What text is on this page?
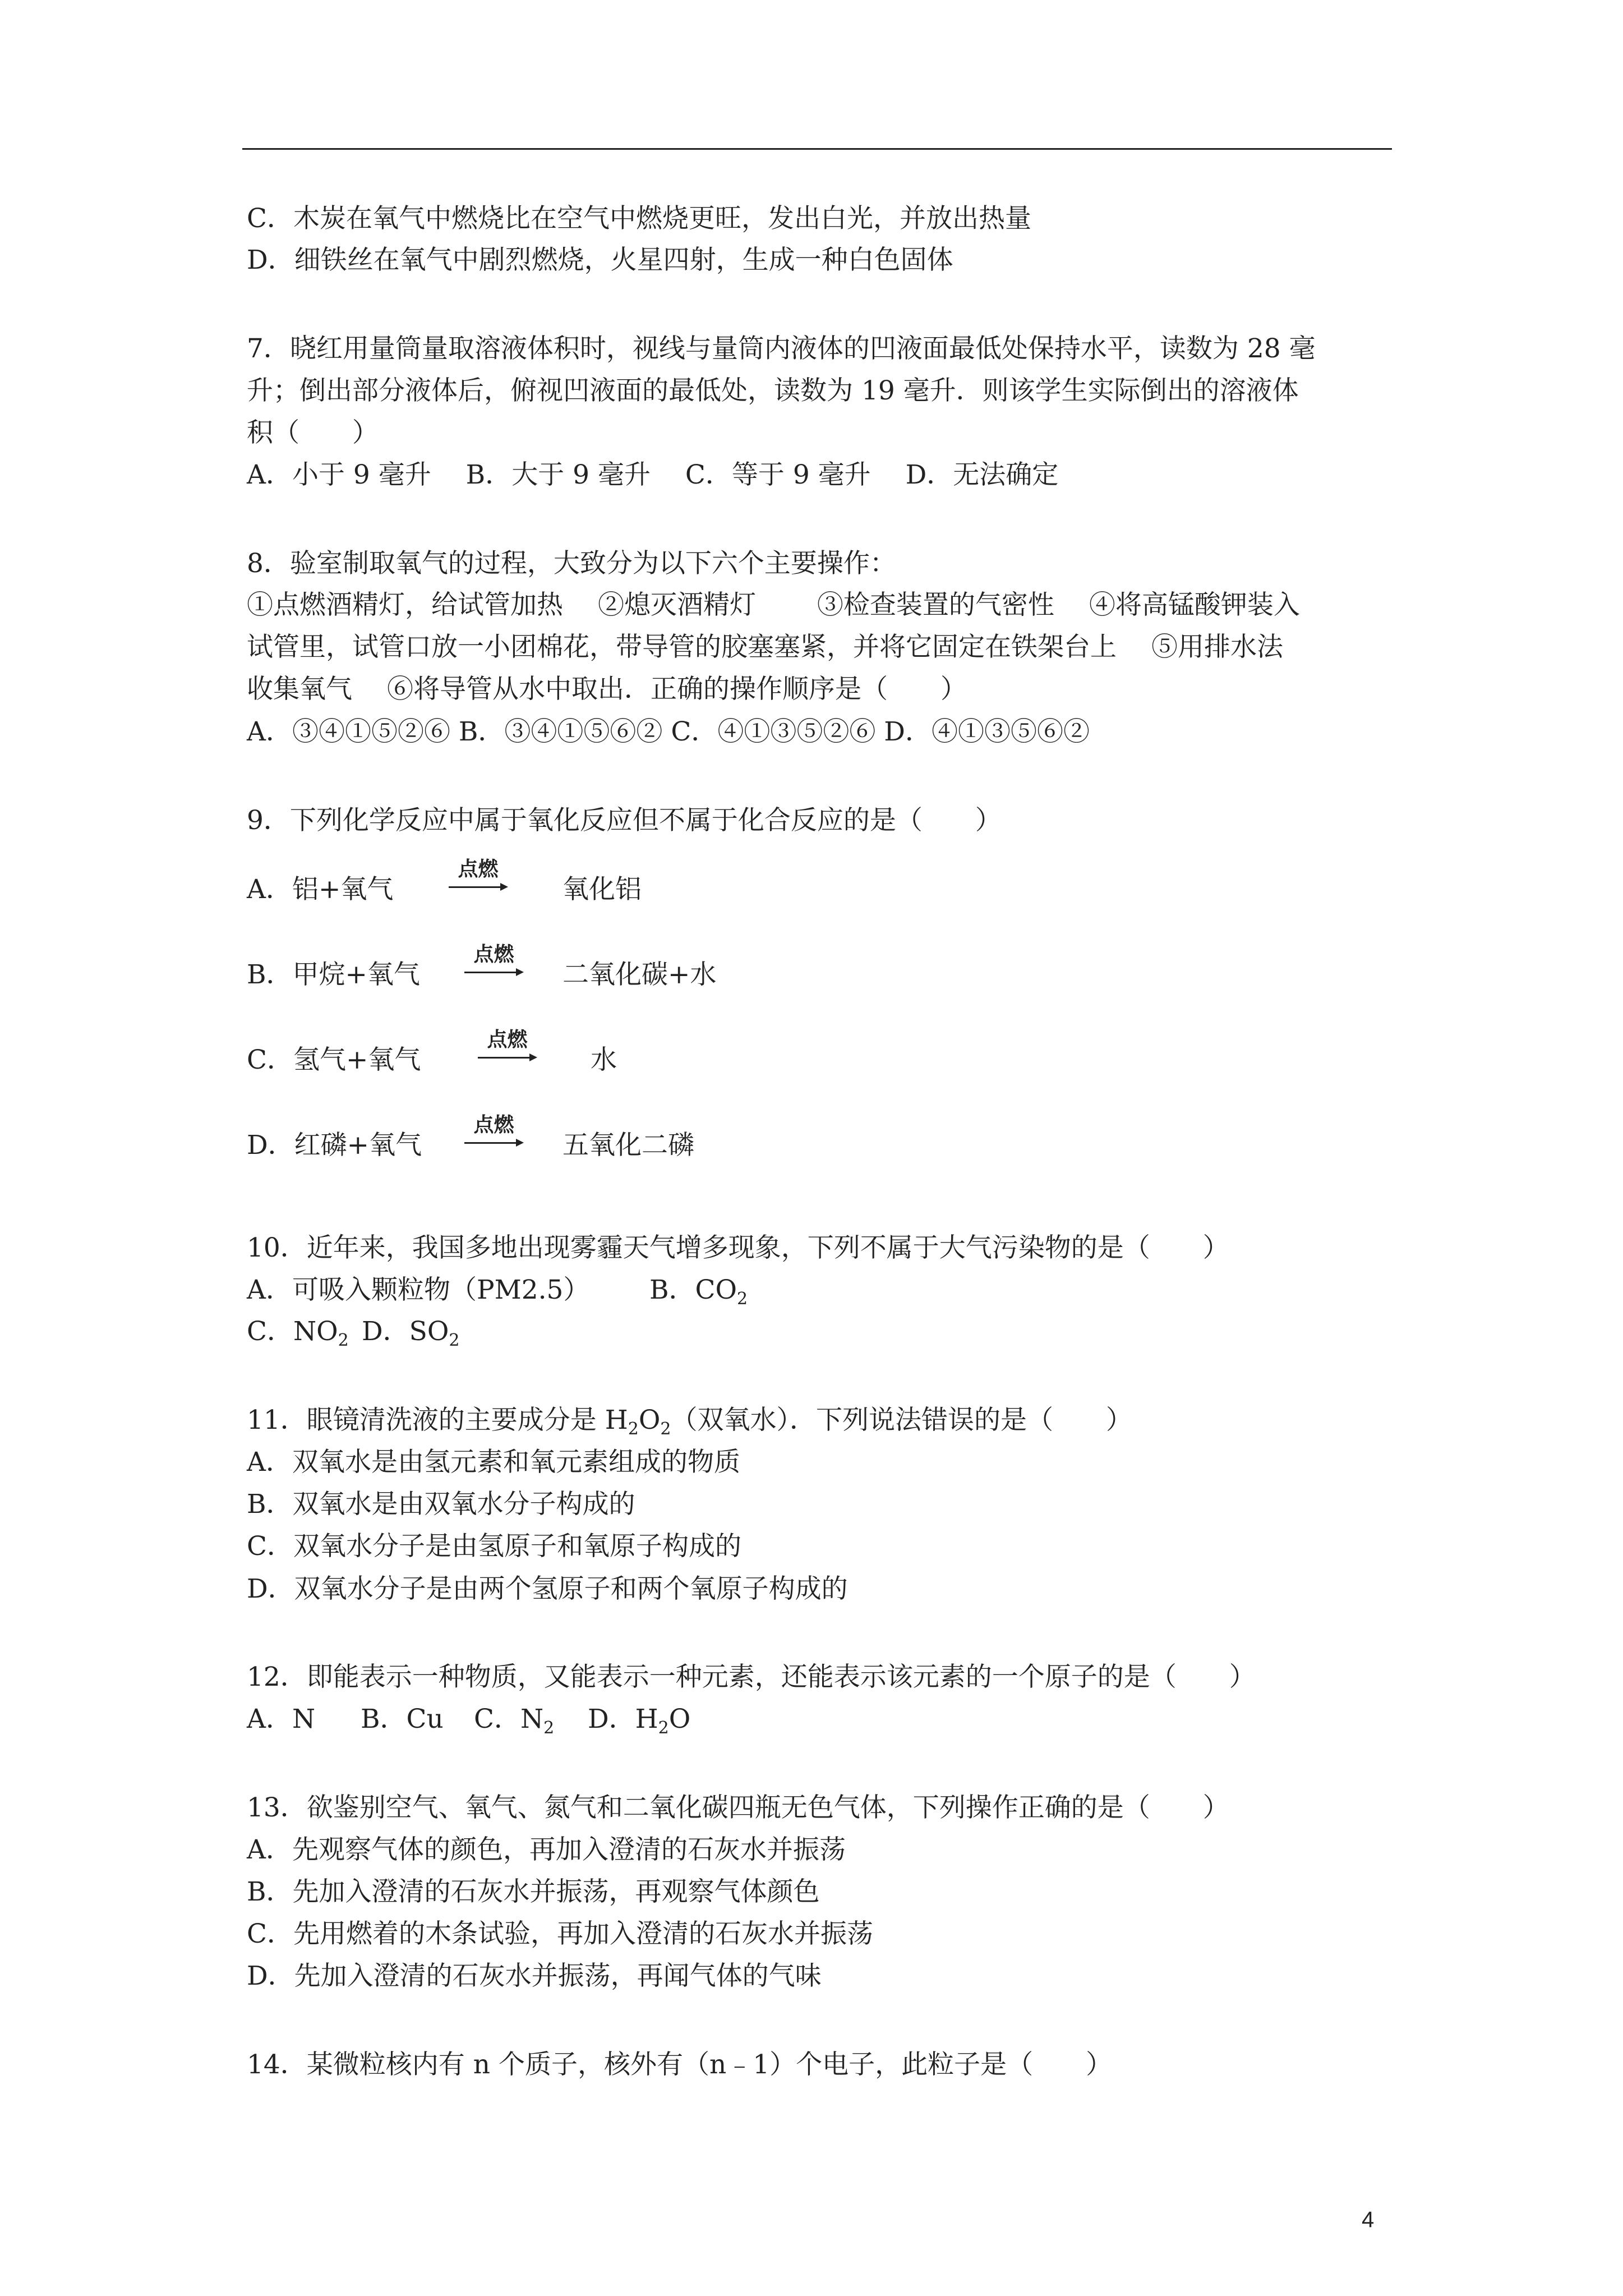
C．木炭在氧气中燃烧比在空气中燃烧更旺，发出白光，并放出热量
D．细铁丝在氧气中剧烈燃烧，火星四射，生成一种白色固体
7．晓红用量筒量取溶液体积时，视线与量筒内液体的凹液面最低处保持水平，读数为 28 毫
升；倒出部分液体后，俯视凹液面的最低处，读数为 19 毫升．则该学生实际倒出的溶液体
积（　　）
A．小于 9 毫升　 B．大于 9 毫升　 C．等于 9 毫升　 D．无法确定
8．验室制取氧气的过程，大致分为以下六个主要操作：
①点燃酒精灯，给试管加热　 ②熄灭酒精灯　　 ③检查装置的气密性　 ④将高锰酸钾装入
试管里，试管口放一小团棉花，带导管的胶塞塞紧，并将它固定在铁架台上　 ⑤用排水法
收集氧气　 ⑥将导管从水中取出．正确的操作顺序是（　　）
A．③④①⑤②⑥ B．③④①⑤⑥② C．④①③⑤②⑥ D．④①③⑤⑥②
9．下列化学反应中属于氧化反应但不属于化合反应的是（　　）
A．铝+氧气
点燃
氧化铝
B．甲烷+氧气
点燃
二氧化碳+水
C．氢气+氧气
点燃
水
D．红磷+氧气
点燃
五氧化二磷
10．近年来，我国多地出现雾霾天气增多现象，下列不属于大气污染物的是（　　）
A．可吸入颗粒物（PM2.5） B．$CO_2$
C．$NO_2$ D．$SO_2$
11．眼镜清洗液的主要成分是 $H_2O_2$（双氧水）．下列说法错误的是（　　）
A．双氧水是由氢元素和氧元素组成的物质
B．双氧水是由双氧水分子构成的
C．双氧水分子是由氢原子和氧原子构成的
D．双氧水分子是由两个氢原子和两个氧原子构成的
12．即能表示一种物质，又能表示一种元素，还能表示该元素的一个原子的是（　　）
A．N B．Cu C．$N_2$ D．$H_2O$
13．欲鉴别空气、氧气、氮气和二氧化碳四瓶无色气体，下列操作正确的是（　　）
A．先观察气体的颜色，再加入澄清的石灰水并振荡
B．先加入澄清的石灰水并振荡，再观察气体颜色
C．先用燃着的木条试验，再加入澄清的石灰水并振荡
D．先加入澄清的石灰水并振荡，再闻气体的气味
14．某微粒核内有 n 个质子，核外有（n﹣1）个电子，此粒子是（　　）
4
